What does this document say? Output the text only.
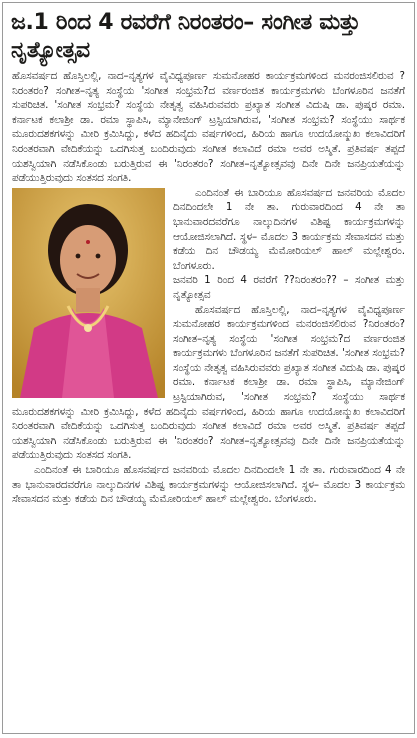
ಜ.1 ರಿಂದ 4 ರವರೆಗೆ ನಿರಂತರಂ– ಸಂಗೀತ ಮತ್ತು ನೃತ್ಯೋತ್ಸವ

ಹೊಸವರ್ಷದ ಹೊಸ್ತಿಲಲ್ಲಿ, ನಾದ–ನೃತ್ಯಗಳ ವೈವಿಧ್ಯಪೂರ್ಣ ಸುಮನೋಹರ ಕಾರ್ಯಕ್ರಮಗಳಿಂದ ಮನರಂಜಿಸಲಿರುವ ?ನಿರಂತರಂ? ಸಂಗೀತ–ನೃತ್ಯ ಸಂಸ್ಥೆಯ 'ಸಂಗೀತ ಸಂಭ್ರಮ?ದ ವರ್ಣರಂಜಿತ ಕಾರ್ಯಕ್ರಮಗಳು ಬೆಂಗಳೂರಿನ ಜನತೆಗೆ ಸುಪರಿಚಿತ. 'ಸಂಗೀತ ಸಂಭ್ರಮ? ಸಂಸ್ಥೆಯ ನೇತೃತ್ವ ವಹಿಸಿರುವವರು ಪ್ರಖ್ಯಾತ ಸಂಗೀತ ವಿದುಷಿ ಡಾ. ಪುಷ್ಕರ ರಮಾ. ಕರ್ನಾಟಕ ಕಲಾಶ್ರೀ ಡಾ. ರಮಾ ಸ್ಥಾಪಿಸಿ, ಮ್ಯಾನೇಜಿಂಗ್ ಟ್ರಸ್ಟಿಯಾಗಿರುವ, 'ಸಂಗೀತ ಸಂಭ್ರಮ? ಸಂಸ್ಥೆಯು ಸಾರ್ಥಕ ಮೂರುದಶಕಗಳನ್ನು ಮೀರಿ ಕ್ರಮಿಸಿದ್ದು, ಕಳೆದ ಹದಿನೈದು ವರ್ಷಗಳಿಂದ, ಹಿರಿಯ ಹಾಗೂ ಉದಯೋನ್ಮುಖ ಕಲಾವಿದರಿಗೆ ನಿರಂತರವಾಗಿ ವೇದಿಕೆಯನ್ನು ಒದಗಿಸುತ್ತ ಬಂದಿರುವುದು ಸಂಗೀತ ಕಲಾವಿದೆ ರಮಾ ಅವರ ಅಸ್ಮಿತೆ. ಪ್ರತಿವರ್ಷ ತಪ್ಪದೆ ಯಶಸ್ವಿಯಾಗಿ ನಡೆಸಿಕೊಂಡು ಬರುತ್ತಿರುವ ಈ 'ನಿರಂತರಂ? ಸಂಗೀತ–ನೃತ್ಯೋತ್ಸವವು ದಿನೇ ದಿನೇ ಜನಪ್ರಿಯತೆಯನ್ನು ಪಡೆಯುತ್ತಿರುವುದು ಸಂತಸದ ಸಂಗತಿ.

ಎಂದಿನಂತೆ ಈ ಬಾರಿಯೂ ಹೊಸವರ್ಷದ ಜನವರಿಯ ಮೊದಲ ದಿನದಿಂದಲೇ 1 ನೇ ತಾ. ಗುರುವಾರದಿಂದ 4 ನೇ ತಾ ಭಾನುವಾರದವರೆಗೂ ನಾಲ್ಕುದಿನಗಳ ವಿಶಿಷ್ಟ ಕಾರ್ಯಕ್ರಮಗಳನ್ನು ಆಯೋಜಿಸಲಾಗಿದೆ. ಸ್ಥಳ– ಮೊದಲ 3 ಕಾರ್ಯಕ್ರಮ ಸೇವಾಸದನ ಮತ್ತು ಕಡೆಯ ದಿನ ಚೌಡಯ್ಯ ಮೆಮೋರಿಯಲ್ ಹಾಲ್ ಮಲ್ಲೇಶ್ವರಂ. ಬೆಂಗಳೂರು.

ಜನವರಿ 1 ರಿಂದ 4 ರವರೆಗೆ ??ನಿರಂತರಂ?? – ಸಂಗೀತ ಮತ್ತು ನೃತ್ಯೋತ್ಸವ

ಹೊಸವರ್ಷದ ಹೊಸ್ತಿಲಲ್ಲಿ, ನಾದ–ನೃತ್ಯಗಳ ವೈವಿಧ್ಯಪೂರ್ಣ ಸುಮನೋಹರ ಕಾರ್ಯಕ್ರಮಗಳಿಂದ ಮನರಂಜಿಸಲಿರುವ ?ನಿರಂತರಂ? ಸಂಗೀತ–ನೃತ್ಯ ಸಂಸ್ಥೆಯ 'ಸಂಗೀತ ಸಂಭ್ರಮ?ದ ವರ್ಣರಂಜಿತ ಕಾರ್ಯಕ್ರಮಗಳು ಬೆಂಗಳೂರಿನ ಜನತೆಗೆ ಸುಪರಿಚಿತ. 'ಸಂಗೀತ ಸಂಭ್ರಮ? ಸಂಸ್ಥೆಯ ನೇತೃತ್ವ ವಹಿಸಿರುವವರು ಪ್ರಖ್ಯಾತ ಸಂಗೀತ ವಿದುಷಿ ಡಾ. ಪುಷ್ಕರ ರಮಾ. ಕರ್ನಾಟಕ ಕಲಾಶ್ರೀ ಡಾ. ರಮಾ ಸ್ಥಾಪಿಸಿ, ಮ್ಯಾನೇಜಿಂಗ್ ಟ್ರಸ್ಟಿಯಾಗಿರುವ, 'ಸಂಗೀತ ಸಂಭ್ರಮ? ಸಂಸ್ಥೆಯು ಸಾರ್ಥಕ ಮೂರುದಶಕಗಳನ್ನು ಮೀರಿ ಕ್ರಮಿಸಿದ್ದು, ಕಳೆದ ಹದಿನೈದು ವರ್ಷಗಳಿಂದ, ಹಿರಿಯ ಹಾಗೂ ಉದಯೋನ್ಮುಖ ಕಲಾವಿದರಿಗೆ ನಿರಂತರವಾಗಿ ವೇದಿಕೆಯನ್ನು ಒದಗಿಸುತ್ತ ಬಂದಿರುವುದು ಸಂಗೀತ ಕಲಾವಿದೆ ರಮಾ ಅವರ ಅಸ್ಮಿತೆ. ಪ್ರತಿವರ್ಷ ತಪ್ಪದೆ ಯಶಸ್ವಿಯಾಗಿ ನಡೆಸಿಕೊಂಡು ಬರುತ್ತಿರುವ ಈ 'ನಿರಂತರಂ? ಸಂಗೀತ–ನೃತ್ಯೋತ್ಸವವು ದಿನೇ ದಿನೇ ಜನಪ್ರಿಯತೆಯನ್ನು ಪಡೆಯುತ್ತಿರುವುದು ಸಂತಸದ ಸಂಗತಿ.

ಎಂದಿನಂತೆ ಈ ಬಾರಿಯೂ ಹೊಸವರ್ಷದ ಜನವರಿಯ ಮೊದಲ ದಿನದಿಂದಲೇ 1 ನೇ ತಾ. ಗುರುವಾರದಿಂದ 4 ನೇ ತಾ ಭಾನುವಾರದವರೆಗೂ ನಾಲ್ಕುದಿನಗಳ ವಿಶಿಷ್ಟ ಕಾರ್ಯಕ್ರಮಗಳನ್ನು ಆಯೋಜಿಸಲಾಗಿದೆ. ಸ್ಥಳ– ಮೊದಲ 3 ಕಾರ್ಯಕ್ರಮ ಸೇವಾಸದನ ಮತ್ತು ಕಡೆಯ ದಿನ ಚೌಡಯ್ಯ ಮೆಮೋರಿಯಲ್ ಹಾಲ್ ಮಲ್ಲೇಶ್ವರಂ. ಬೆಂಗಳೂರು.
